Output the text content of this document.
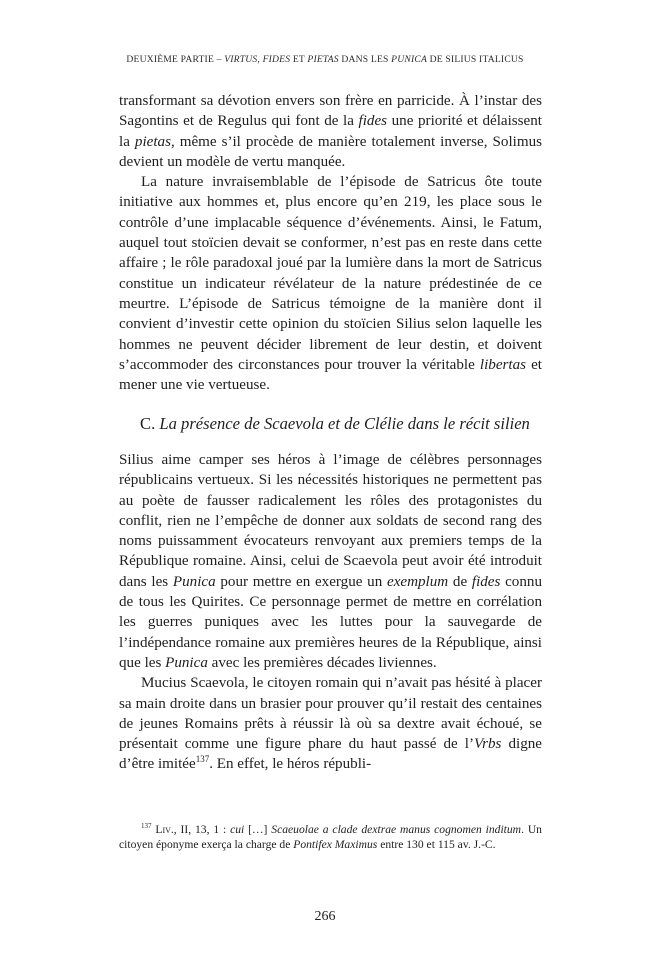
DEUXIÈME PARTIE – VIRTUS, FIDES ET PIETAS DANS LES PUNICA DE SILIUS ITALICUS

transformant sa dévotion envers son frère en parricide. À l’instar des Sagontins et de Regulus qui font de la fides une priorité et délaissent la pietas, même s’il procède de manière totalement inverse, Solimus devient un modèle de vertu manquée.

La nature invraisemblable de l’épisode de Satricus ôte toute initiative aux hommes et, plus encore qu’en 219, les place sous le contrôle d’une implacable séquence d’événements. Ainsi, le Fatum, auquel tout stoïcien devait se conformer, n’est pas en reste dans cette affaire ; le rôle paradoxal joué par la lumière dans la mort de Satricus constitue un indicateur révélateur de la nature prédestinée de ce meurtre. L’épisode de Satricus témoigne de la manière dont il convient d’investir cette opinion du stoïcien Silius selon laquelle les hommes ne peuvent décider librement de leur destin, et doivent s’accommoder des circonstances pour trouver la véritable libertas et mener une vie vertueuse.

C. La présence de Scaevola et de Clélie dans le récit silien

Silius aime camper ses héros à l’image de célèbres personnages républicains vertueux. Si les nécessités historiques ne permettent pas au poète de fausser radicalement les rôles des protagonistes du conflit, rien ne l’empêche de donner aux soldats de second rang des noms puissamment évocateurs renvoyant aux premiers temps de la République romaine. Ainsi, celui de Scaevola peut avoir été introduit dans les Punica pour mettre en exergue un exemplum de fides connu de tous les Quirites. Ce personnage permet de mettre en corrélation les guerres puniques avec les luttes pour la sauvegarde de l’indépendance romaine aux premières heures de la République, ainsi que les Punica avec les premières décades liviennes.

Mucius Scaevola, le citoyen romain qui n’avait pas hésité à placer sa main droite dans un brasier pour prouver qu’il restait des centaines de jeunes Romains prêts à réussir là où sa dextre avait échoué, se présentait comme une figure phare du haut passé de l’Vrbs digne d’être imitée$^{137}$. En effet, le héros républi-

$^{137}$ Liv., II, 13, 1 : cui […] Scaeuolae a clade dextrae manus cognomen inditum. Un citoyen éponyme exerça la charge de Pontifex Maximus entre 130 et 115 av. J.-C.
266
